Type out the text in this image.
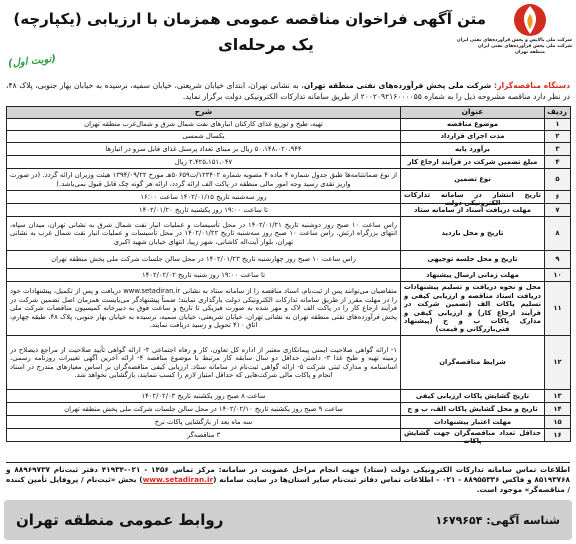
شرکت ملی پالایش و پخش فرآورده‌های نفتی ایران
شرکت ملی پخش فرآورده‌های نفتی ایران
منطقه تهران
متن آگهی فراخوان مناقصه عمومی همزمان با ارزیابی (یکپارچه)
یک مرحله‌ای
(نوبت اول)

دستگاه مناقصه‌گزار: شرکت ملی پخش فرآورده‌های نفتی منطقه تهران، به نشانی تهران، ابتدای خیابان شریعتی، خیابان سمیه، نرسیده به خیابان بهار جنوبی، پلاک ۴۸، در نظر دارد مناقصه مشروحه ذیل را به شماره ۲۰۰۲۰۹۲۱۶۰۰۰۰۵۵ از طریق سامانه تدارکات الکترونیکی دولت برگزار نماید.

ردیف	عنوان	شرح

۱	موضوع مناقصه	تهیه، طبخ و توزیع غذای کارکنان انبارهای نفت شمال شرق و شمال‌غرب منطقه تهران

۲	مدت اجرای قرارداد	یکسال شمسی

۳	برآورد پایه	۵۰،۱۴۸،۰۲۰،۹۴۴ ریال بر مبنای تعداد پرسنل غذای قابل سرو در انبارها

۴	مبلغ تضمین شرکت در فرآیند ارجاع کار	۲،۴۲۵،۱۵۱،۰۴۷ ریال

۵	نوع تضمین	از نوع ضمانتنامه‌ها طبق جدول شماره ۴ ماده ۴ مصوبه شماره ۱۲۳۴۰۲/ت۵۰۶۵۹هـ مورخ ۱۳۹۴/۰۹/۲۲ هیئت وزیران ارائه گردد. (در صورت واریز نقدی رسید وجه امور مالی منطقه در پاکت الف ارائه گردد، ارائه هر گونه چک قابل قبول نمی‌باشد.)

۶	تاریخ انتشار در سامانه تدارکات الکترونیکی دولت	روز سه‌شنبه تاریخ ۱۴۰۲/۰۱/۱۵ ساعت ۱۶:۰۰

۷	مهلت دریافت اسناد از سامانه ستاد	تا ساعت ۱۹:۰۰ روز یکشنبه تاریخ ۱۴۰۲/۰۱/۲۰

۸	تاریخ و محل بازدید	راس ساعت ۱۰ صبح روز دوشنبه تاریخ ۱۴۰۲/۰۱/۲۱ در محل تأسیسات و عملیات انبار نفت شمال شرق به نشانی تهران، میدان سپاه، انتهای بزرگراه ارتش. راس ساعت ۱۰ صبح روز سه‌شنبه تاریخ ۱۴۰۲/۰۱/۲۲ در محل تأسیسات و عملیات انبار نفت شمال غرب به نشانی تهران، بلوار آیت‌اله کاشانی، شهر زیبا، انتهای خیابان شهید اکبری

۹	تاریخ و محل جلسه توجیهی	راس ساعت ۱۰ صبح روز چهارشنبه تاریخ ۱۴۰۲/۰۱/۲۳ در محل سالن جلسات شرکت ملی پخش منطقه تهران

۱۰	مهلت زمانی ارسال پیشنهاد	تا ساعت ۱۹:۰۰ روز شنبه تاریخ ۱۴۰۲/۰۲/۰۲

۱۱	محل و نحوه دریافت و تسلیم پیشنهادات دریافت اسناد مناقصه و ارزیابی کیفی و تسلیم پاکات الف (تضمین شرکت در فرآیند ارجاع کار) و ارزیابی کیفی و مدارک پاکات ب و ج (پیشنهاد فنی‌بازرگانی و قیمت)	متقاضیان می‌توانند پس از ثبت‌نام، اسناد مناقصه را از سامانه ستاد به نشانی www.setadiran.ir دریافت و پس از تکمیل، پیشنهادات خود را در مهلت مقرر از طریق سامانه تدارکات الکترونیکی دولت بارگذاری نمایند؛ ضمناً پیشنهادگر می‌بایست همزمان اصل تضمین شرکت در فرآیند ارجاع کار را در پاکت الف لاک و مهر شده به صورت فیزیکی تا تاریخ و ساعت فوق به دبیرخانه کمیسیون مناقصات شرکت ملی پخش فرآورده‌های نفتی منطقه تهران به نشانی تهران، خیابان شریعتی، خیابان سمیه، نرسیده به خیابان بهار جنوبی، پلاک ۴۸، طبقه چهارم، اتاق ۴۱۰ تحویل و رسید دریافت نمایند.

۱۲	شرایط مناقصه‌گران	۱- ارائه گواهی صلاحیت ایمنی پیمانکاری معتبر از اداره کل تعاون، کار و رفاه اجتماعی ۲- ارائه گواهی تأیید صلاحیت از مراجع ذیصلاح در زمینه تهیه و طبخ غذا ۳- داشتن حداقل دو سال سابقه کار مرتبط با موضوع مناقصه ۴- ارائه آخرین آگهی تغییرات روزنامه رسمی، اساسنامه و مدارک ثبتی شرکت ۵- ارائه گواهی ثبت‌نام در سامانه ستاد. ارزیابی کیفی مناقصه‌گران بر اساس معیارهای مندرج در اسناد انجام و پاکات مالی شرکت‌هایی که حداقل امتیاز لازم را کسب ننمایند، بازگشایی نخواهد شد.

۱۳	تاریخ گشایش پاکات ارزیابی کیفی	ساعت ۸ صبح روز یکشنبه تاریخ ۱۴۰۲/۰۲/۰۳

۱۴	تاریخ و محل گشایش پاکات الف، ب و ج	ساعت ۹ صبح روز یکشنبه تاریخ ۱۴۰۲/۰۲/۱۰ در محل سالن جلسات شرکت ملی پخش منطقه تهران

۱۵	مهلت اعتبار پیشنهادات	سه ماه بعد از بازگشایی پاکات نرخ

۱۶	حداقل تعداد مناقصه‌گران جهت گشایش پاکات	۳ مناقصه‌گر

اطلاعات تماس سامانه تدارکات الکترونیکی دولت (ستاد) جهت انجام مراحل عضویت در سامانه: مرکز تماس ۱۴۵۶ - ۰۲۱-۴۱۹۳۴ دفتر ثبت‌نام ۸۸۹۶۹۷۳۷ و ۸۵۱۹۳۷۶۸ و فاکس ۸۸۹۵۵۳۳۶ - ۰۲۱ - اطلاعات تماس دفاتر ثبت‌نام سایر استان‌ها در سایت سامانه (www.setadiran.ir) بخش «ثبت‌نام / پروفایل تأمین کننده / مناقصه‌گر» موجود است.

شناسه آگهی: ۱۶۷۹۶۵۴
روابط عمومی منطقه تهران
